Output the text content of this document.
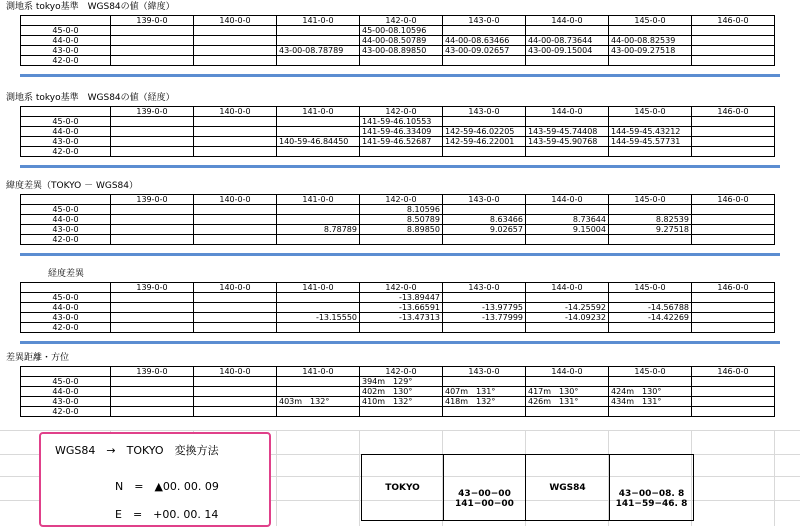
測地系 tokyo基準　WGS84の値（緯度）
	139-0-0	140-0-0	141-0-0	142-0-0	143-0-0	144-0-0	145-0-0	146-0-0
45-0-0				45-00-08.10596				
44-0-0				44-00-08.50789	44-00-08.63466	44-00-08.73644	44-00-08.82539	
43-0-0			43-00-08.78789	43-00-08.89850	43-00-09.02657	43-00-09.15004	43-00-09.27518	
42-0-0								
測地系 tokyo基準　WGS84の値（経度）
	139-0-0	140-0-0	141-0-0	142-0-0	143-0-0	144-0-0	145-0-0	146-0-0
45-0-0				141-59-46.10553				
44-0-0				141-59-46.33409	142-59-46.02205	143-59-45.74408	144-59-45.43212	
43-0-0			140-59-46.84450	141-59-46.52687	142-59-46.22001	143-59-45.90768	144-59-45.57731	
42-0-0								
緯度差異（TOKYO － WGS84）
	139-0-0	140-0-0	141-0-0	142-0-0	143-0-0	144-0-0	145-0-0	146-0-0
45-0-0				8.10596				
44-0-0				8.50789	8.63466	8.73644	8.82539	
43-0-0			8.78789	8.89850	9.02657	9.15004	9.27518	
42-0-0								
経度差異
	139-0-0	140-0-0	141-0-0	142-0-0	143-0-0	144-0-0	145-0-0	146-0-0
45-0-0				-13.89447				
44-0-0				-13.66591	-13.97795	-14.25592	-14.56788	
43-0-0			-13.15550	-13.47313	-13.77999	-14.09232	-14.42269	
42-0-0								
差異距離・方位
	139-0-0	140-0-0	141-0-0	142-0-0	143-0-0	144-0-0	145-0-0	146-0-0
45-0-0				394m　129°				
44-0-0				402m　130°	407m　131°	417m　130°	424m　130°	
43-0-0			403m　132°	410m　132°	418m　132°	426m　131°	434m　131°	
42-0-0								
WGS84　→　TOKYO　変換方法
N　=　▲00. 00. 09
E　=　+00. 00. 14
TOKYO	43−00−00	WGS84	43−00−08. 8
	141−00−00		141−59−46. 8
